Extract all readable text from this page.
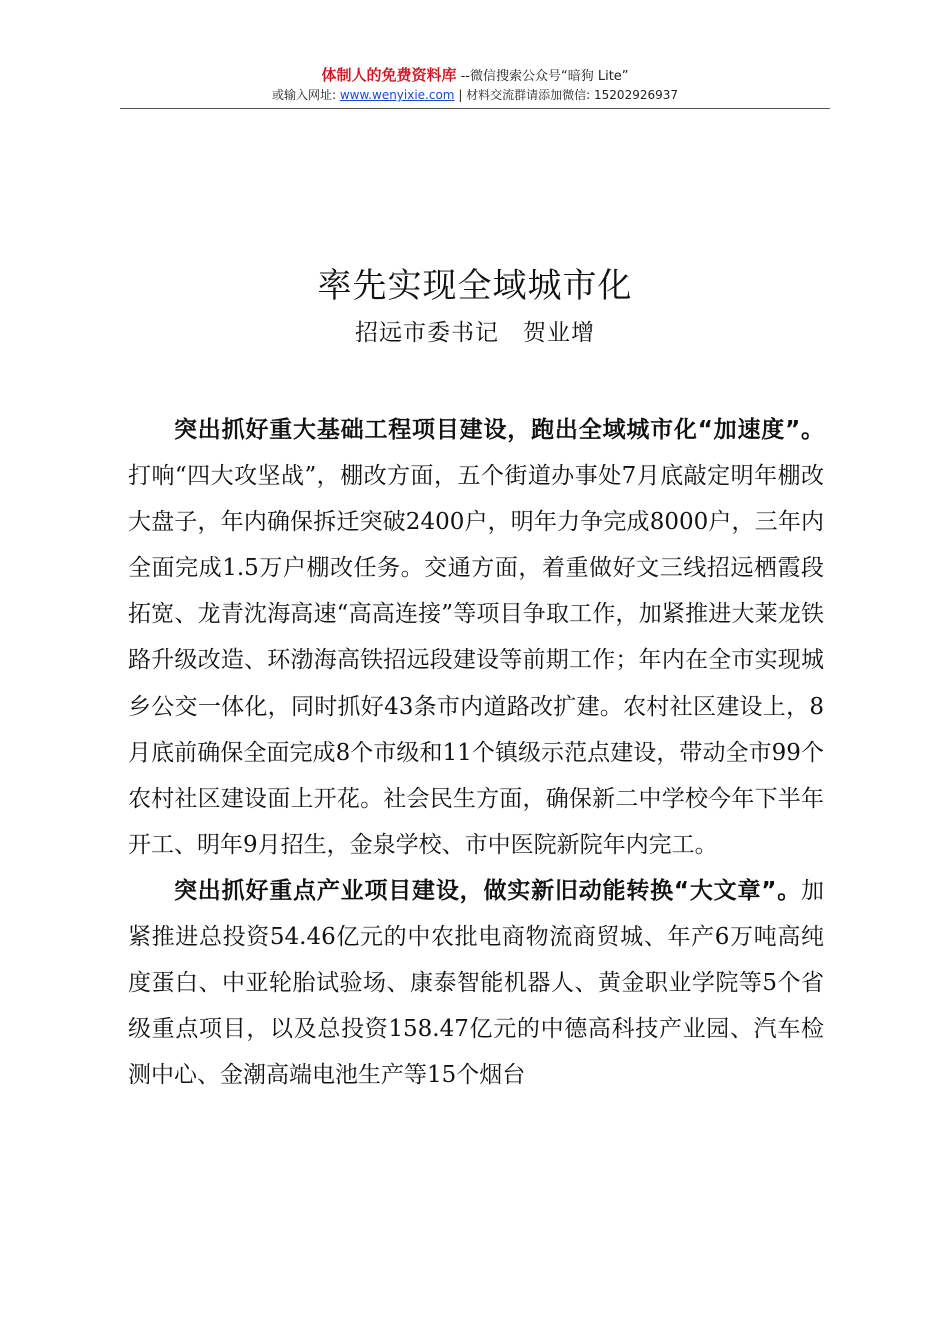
体制人的免费资料库 --微信搜索公众号“暗狗 Lite”
或输入网址: www.wenyixie.com | 材料交流群请添加微信: 15202926937
率先实现全域城市化
招远市委书记 贺业增

突出抓好重大基础工程项目建设，跑出全域城市化“加速度”。打响“四大攻坚战”，棚改方面，五个街道办事处7月底敲定明年棚改大盘子，年内确保拆迁突破2400户，明年力争完成8000户，三年内全面完成1.5万户棚改任务。交通方面，着重做好文三线招远栖霞段拓宽、龙青沈海高速“高高连接”等项目争取工作，加紧推进大莱龙铁路升级改造、环渤海高铁招远段建设等前期工作；年内在全市实现城乡公交一体化，同时抓好43条市内道路改扩建。农村社区建设上，8月底前确保全面完成8个市级和11个镇级示范点建设，带动全市99个农村社区建设面上开花。社会民生方面，确保新二中学校今年下半年开工、明年9月招生，金泉学校、市中医院新院年内完工。

突出抓好重点产业项目建设，做实新旧动能转换“大文章”。加紧推进总投资54.46亿元的中农批电商物流商贸城、年产6万吨高纯度蛋白、中亚轮胎试验场、康泰智能机器人、黄金职业学院等5个省级重点项目，以及总投资158.47亿元的中德高科技产业园、汽车检测中心、金潮高端电池生产等15个烟台
